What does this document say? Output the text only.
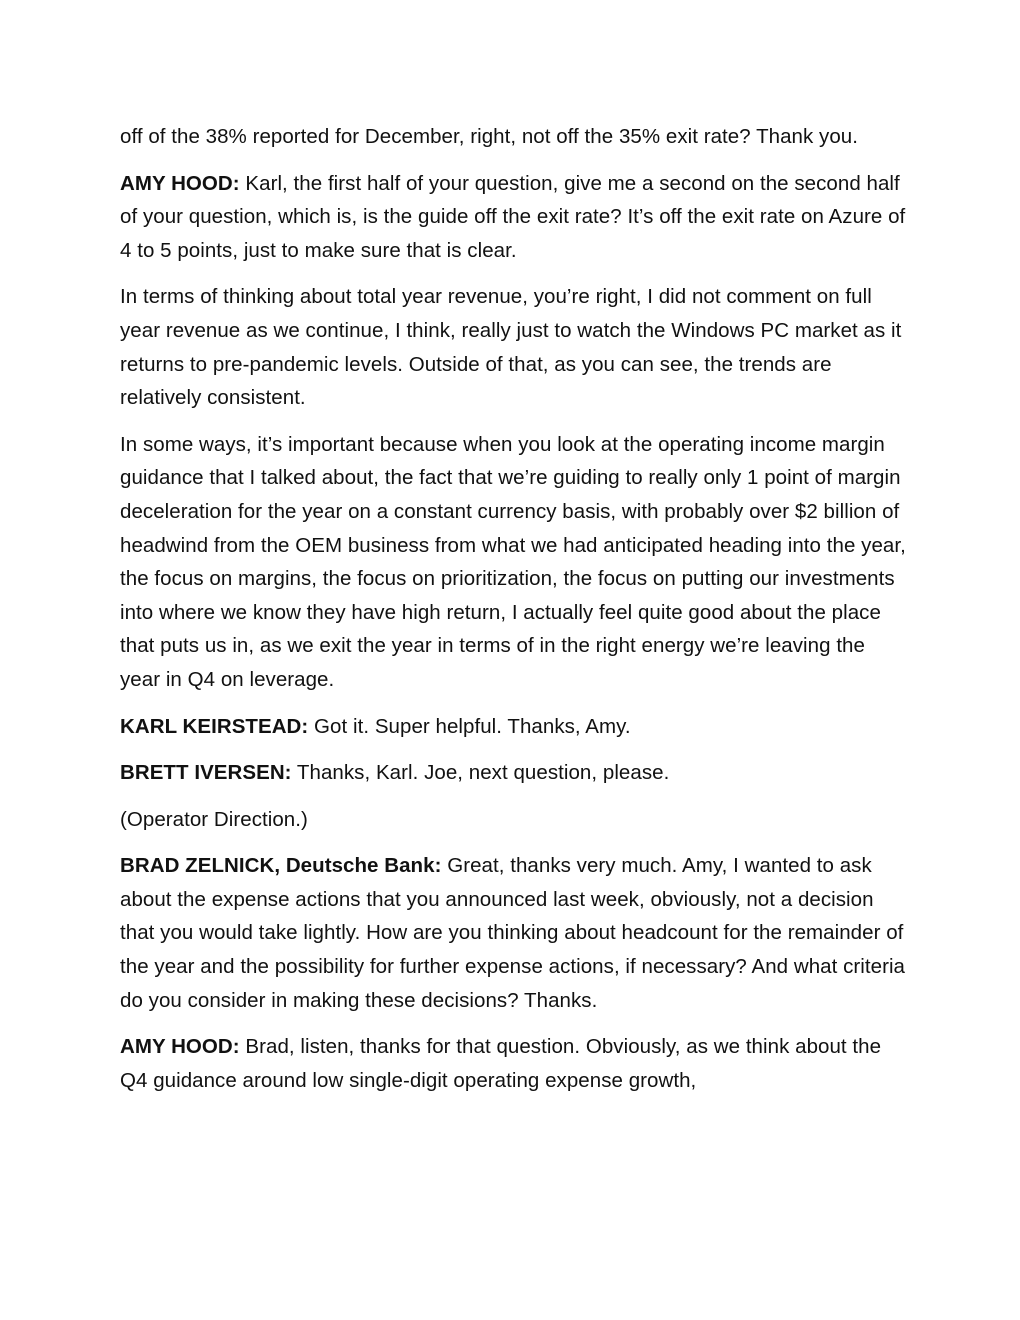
off of the 38% reported for December, right, not off the 35% exit rate? Thank you.

AMY HOOD: Karl, the first half of your question, give me a second on the second half of your question, which is, is the guide off the exit rate? It’s off the exit rate on Azure of 4 to 5 points, just to make sure that is clear.

In terms of thinking about total year revenue, you’re right, I did not comment on full year revenue as we continue, I think, really just to watch the Windows PC market as it returns to pre-pandemic levels. Outside of that, as you can see, the trends are relatively consistent.

In some ways, it’s important because when you look at the operating income margin guidance that I talked about, the fact that we’re guiding to really only 1 point of margin deceleration for the year on a constant currency basis, with probably over $2 billion of headwind from the OEM business from what we had anticipated heading into the year, the focus on margins, the focus on prioritization, the focus on putting our investments into where we know they have high return, I actually feel quite good about the place that puts us in, as we exit the year in terms of in the right energy we’re leaving the year in Q4 on leverage.

KARL KEIRSTEAD: Got it. Super helpful. Thanks, Amy.

BRETT IVERSEN: Thanks, Karl. Joe, next question, please.

(Operator Direction.)

BRAD ZELNICK, Deutsche Bank: Great, thanks very much. Amy, I wanted to ask about the expense actions that you announced last week, obviously, not a decision that you would take lightly. How are you thinking about headcount for the remainder of the year and the possibility for further expense actions, if necessary? And what criteria do you consider in making these decisions? Thanks.

AMY HOOD: Brad, listen, thanks for that question. Obviously, as we think about the Q4 guidance around low single-digit operating expense growth,
